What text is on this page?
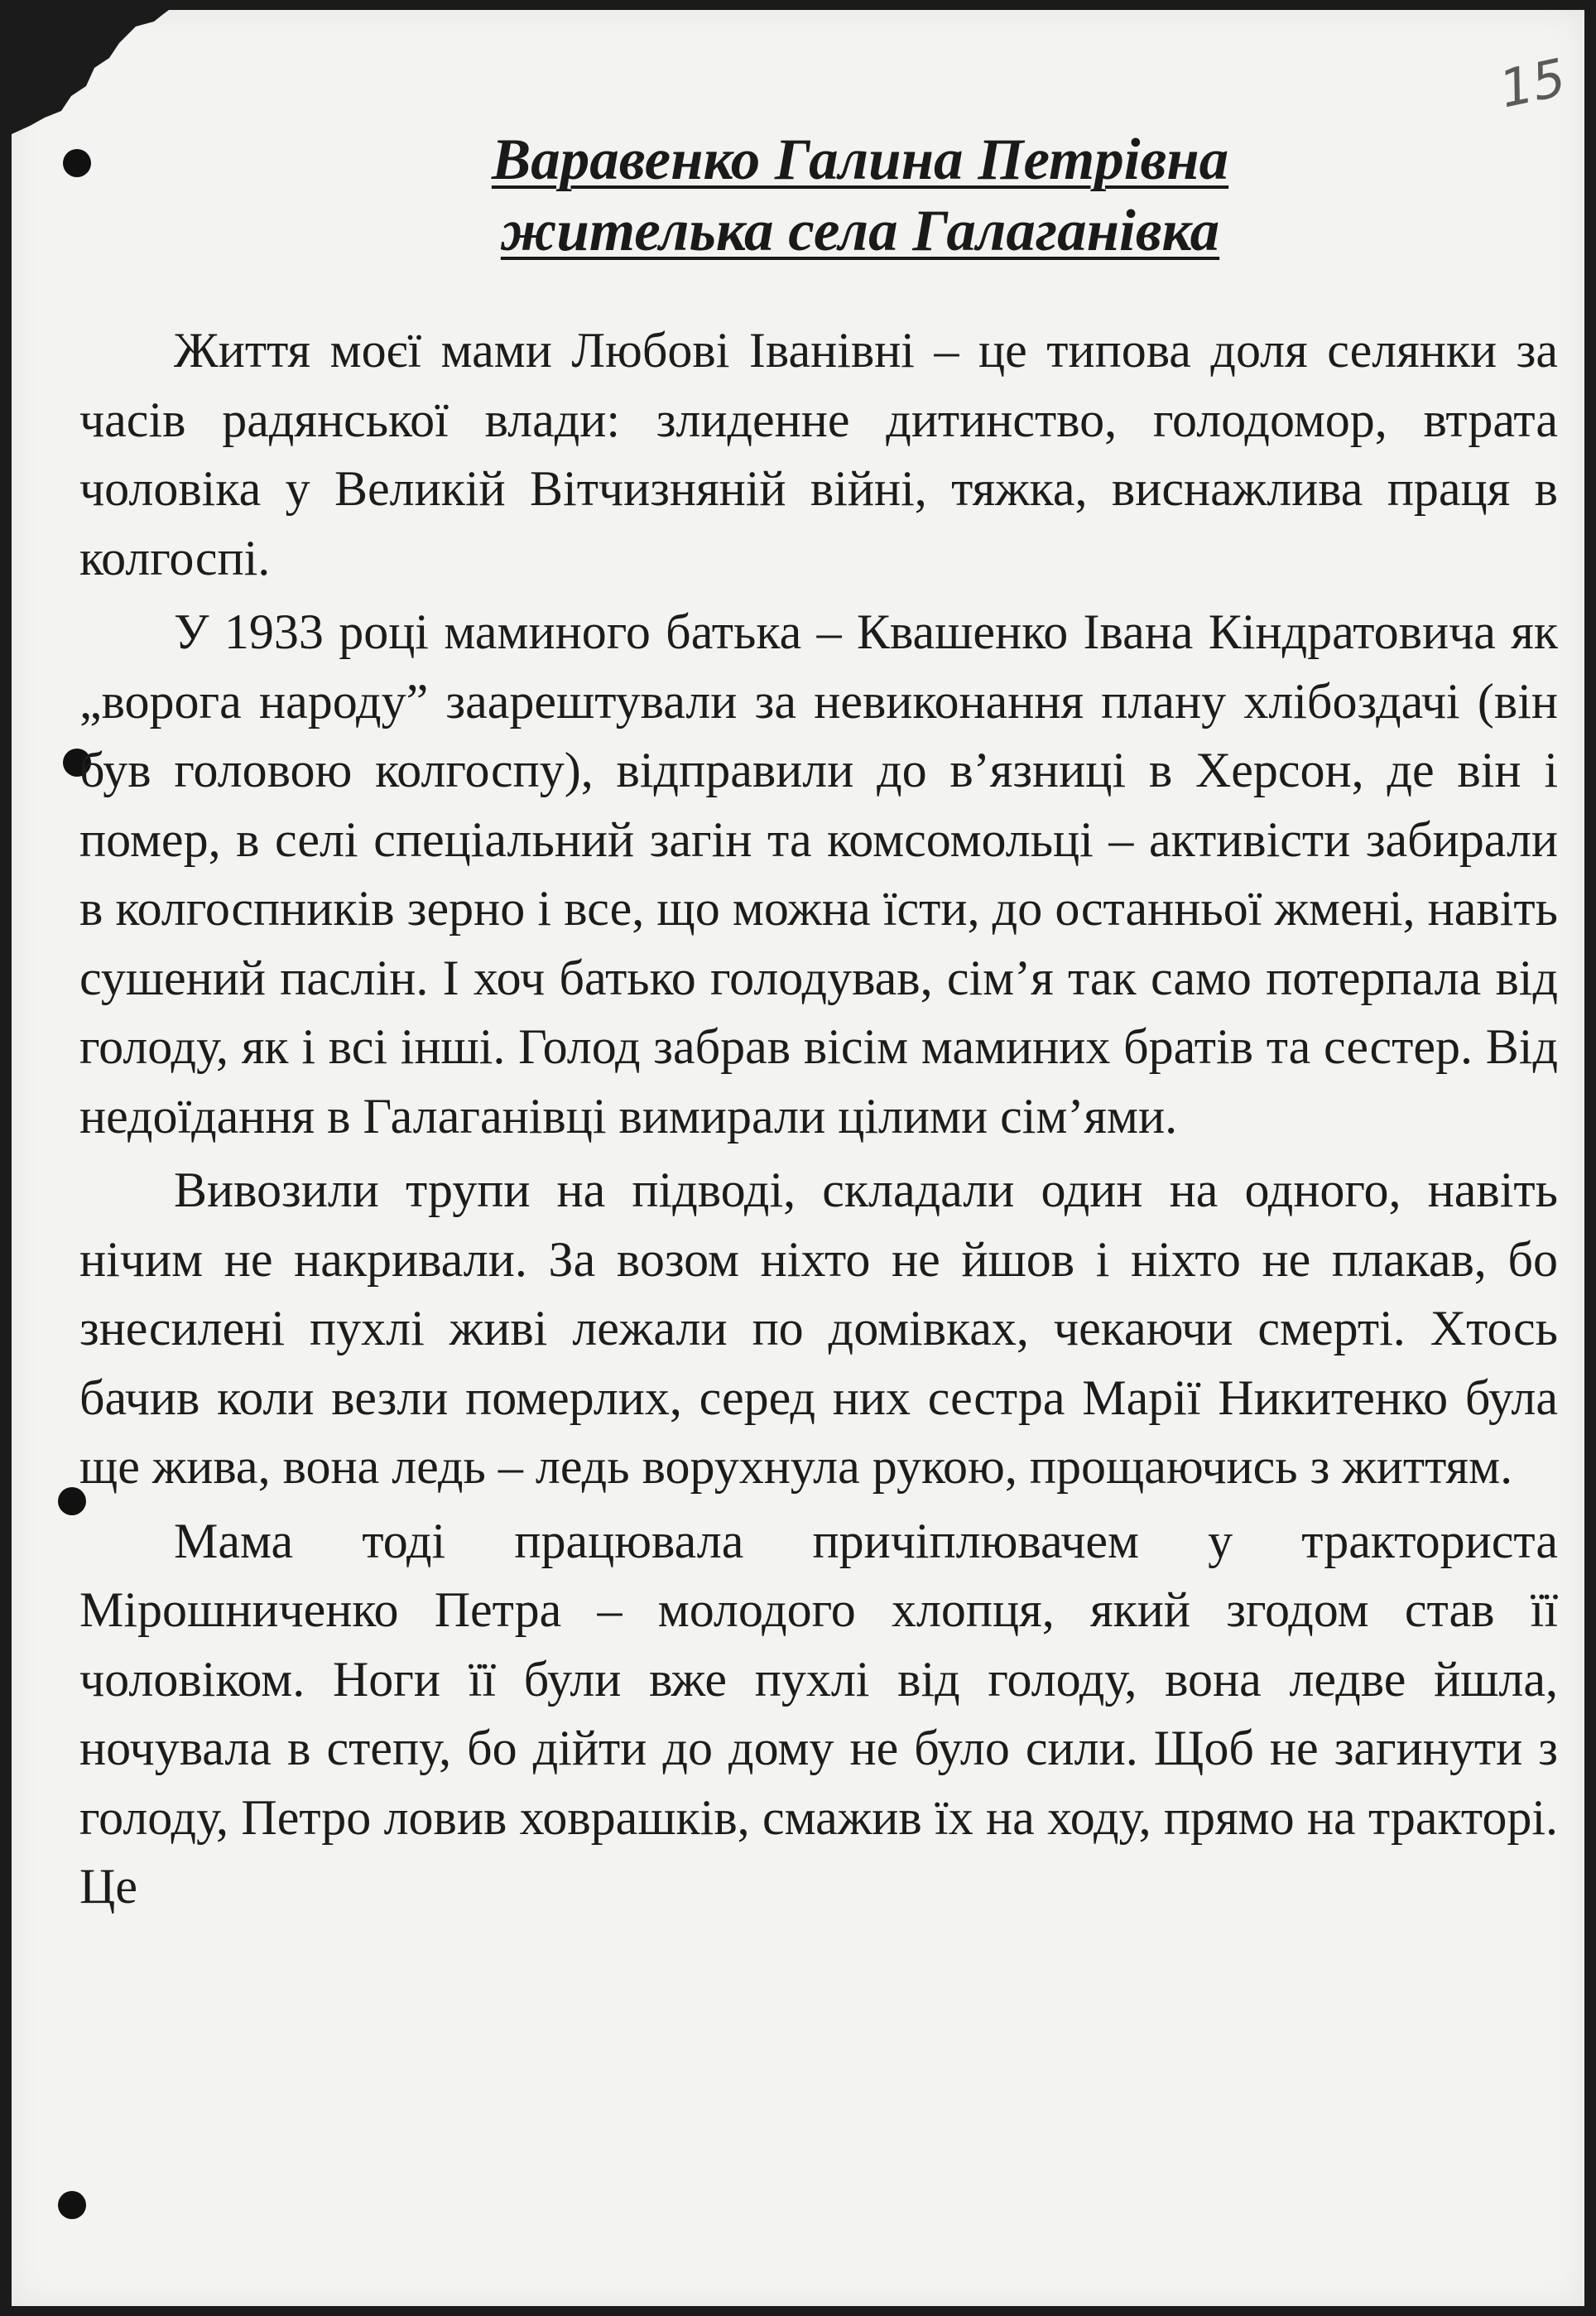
15

Варавенко Галина Петрівна
жителька села Галаганівка

Життя моєї мами Любові Іванівні – це типова доля селянки за часів радянської влади: злиденне дитинство, голодомор, втрата чоловіка у Великій Вітчизняній війні, тяжка, виснажлива праця в колгоспі.

У 1933 році маминого батька – Квашенко Івана Кіндратовича як „ворога народу” заарештували за невиконання плану хлібоздачі (він був головою колгоспу), відправили до в’язниці в Херсон, де він і помер, в селі спеціальний загін та комсомольці – активісти забирали в колгоспників зерно і все, що можна їсти, до останньої жмені, навіть сушений паслін. І хоч батько голодував, сім’я так само потерпала від голоду, як і всі інші. Голод забрав вісім маминих братів та сестер. Від недоїдання в Галаганівці вимирали цілими сім’ями.

Вивозили трупи на підводі, складали один на одного, навіть нічим не накривали. За возом ніхто не йшов і ніхто не плакав, бо знесилені пухлі живі лежали по домівках, чекаючи смерті. Хтось бачив коли везли померлих, серед них сестра Марії Никитенко була ще жива, вона ледь – ледь ворухнула рукою, прощаючись з життям.

Мама тоді працювала причіплювачем у тракториста Мірошниченко Петра – молодого хлопця, який згодом став її чоловіком. Ноги її були вже пухлі від голоду, вона ледве йшла, ночувала в степу, бо дійти до дому не було сили. Щоб не загинути з голоду, Петро ловив ховрашків, смажив їх на ходу, прямо на тракторі. Це
